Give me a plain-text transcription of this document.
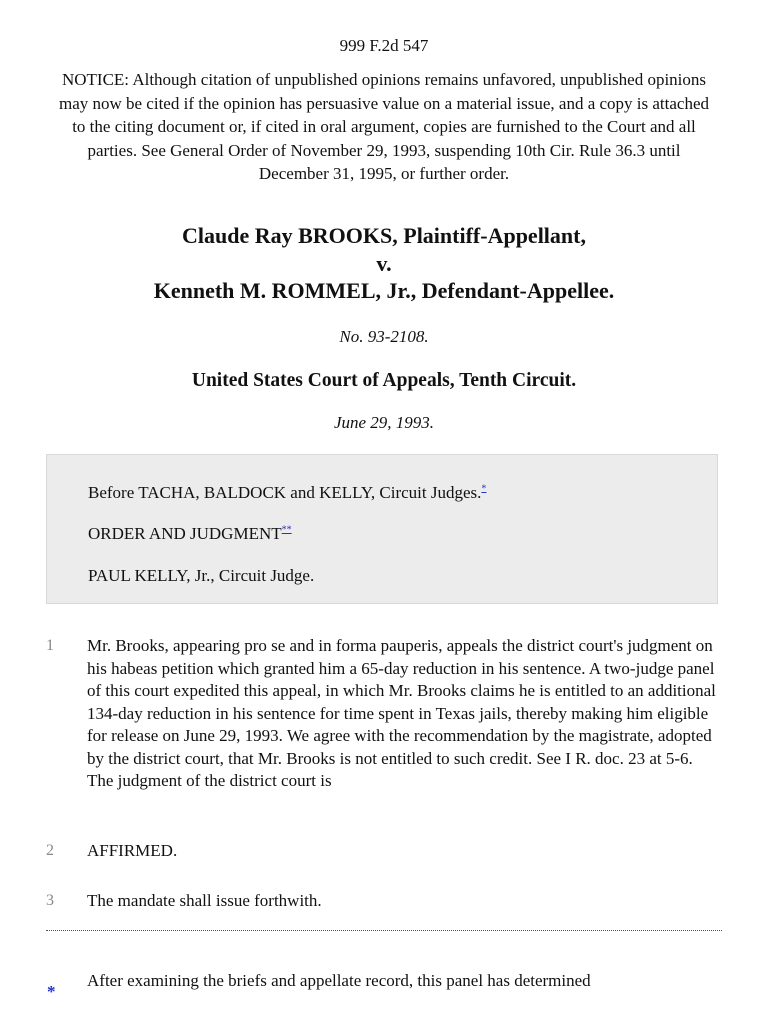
999 F.2d 547
NOTICE: Although citation of unpublished opinions remains unfavored, unpublished opinions may now be cited if the opinion has persuasive value on a material issue, and a copy is attached to the citing document or, if cited in oral argument, copies are furnished to the Court and all parties. See General Order of November 29, 1993, suspending 10th Cir. Rule 36.3 until December 31, 1995, or further order.
Claude Ray BROOKS, Plaintiff-Appellant,
v.
Kenneth M. ROMMEL, Jr., Defendant-Appellee.
No. 93-2108.
United States Court of Appeals, Tenth Circuit.
June 29, 1993.
Before TACHA, BALDOCK and KELLY, Circuit Judges.*
ORDER AND JUDGMENT**
PAUL KELLY, Jr., Circuit Judge.
1 Mr. Brooks, appearing pro se and in forma pauperis, appeals the district court's judgment on his habeas petition which granted him a 65-day reduction in his sentence. A two-judge panel of this court expedited this appeal, in which Mr. Brooks claims he is entitled to an additional 134-day reduction in his sentence for time spent in Texas jails, thereby making him eligible for release on June 29, 1993. We agree with the recommendation by the magistrate, adopted by the district court, that Mr. Brooks is not entitled to such credit. See I R. doc. 23 at 5-6. The judgment of the district court is
2 AFFIRMED.
3 The mandate shall issue forthwith.
*
After examining the briefs and appellate record, this panel has determined
